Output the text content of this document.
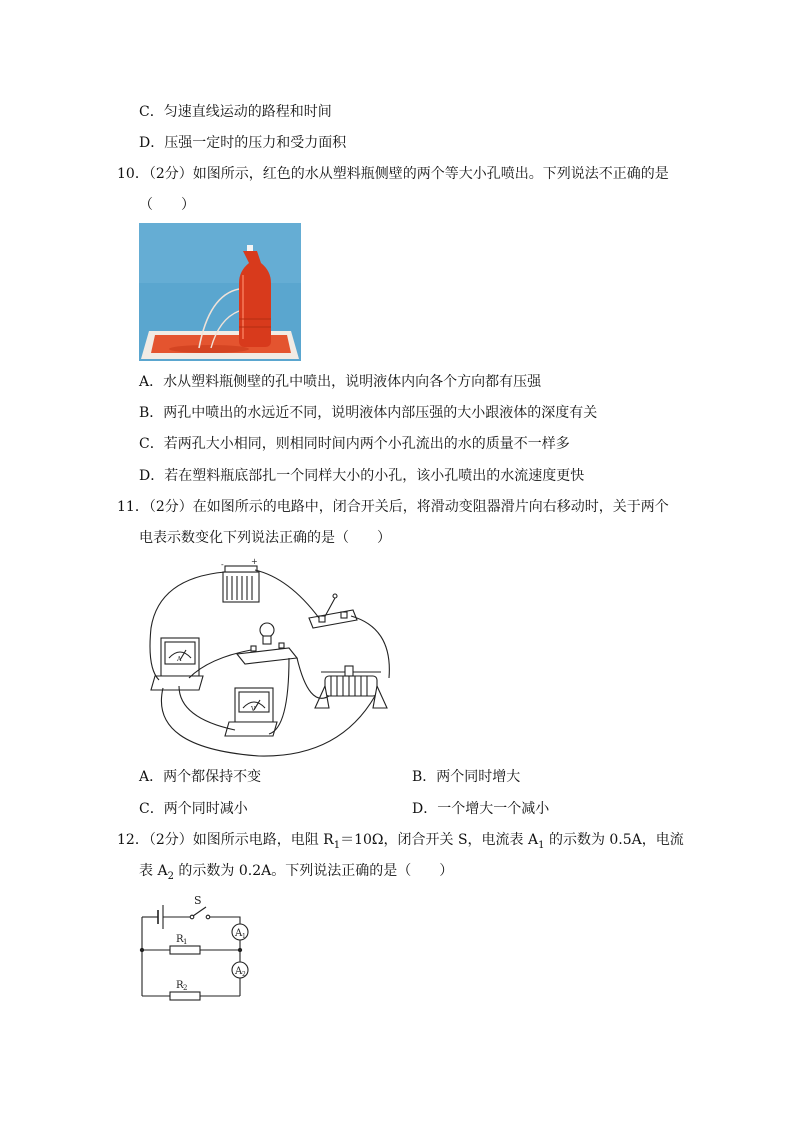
C．匀速直线运动的路程和时间
D．压强一定时的压力和受力面积
10．（2分）如图所示，红色的水从塑料瓶侧壁的两个等大小孔喷出。下列说法不正确的是
（　　）
A．水从塑料瓶侧壁的孔中喷出，说明液体内向各个方向都有压强
B．两孔中喷出的水远近不同，说明液体内部压强的大小跟液体的深度有关
C．若两孔大小相同，则相同时间内两个小孔流出的水的质量不一样多
D．若在塑料瓶底部扎一个同样大小的小孔，该小孔喷出的水流速度更快
11．（2分）在如图所示的电路中，闭合开关后，将滑动变阻器滑片向右移动时，关于两个
电表示数变化下列说法正确的是（　　）
-	+
A
V
A．两个都保持不变	B．两个同时增大
C．两个同时减小	D．一个增大一个减小
12．（2分）如图所示电路，电阻 $R_1=10\Omega$，闭合开关 S，电流表 $A_1$ 的示数为 0.5A，电流
表 $A_2$ 的示数为 0.2A。下列说法正确的是（　　）
S
A 1
A 2
R 1
R 2
